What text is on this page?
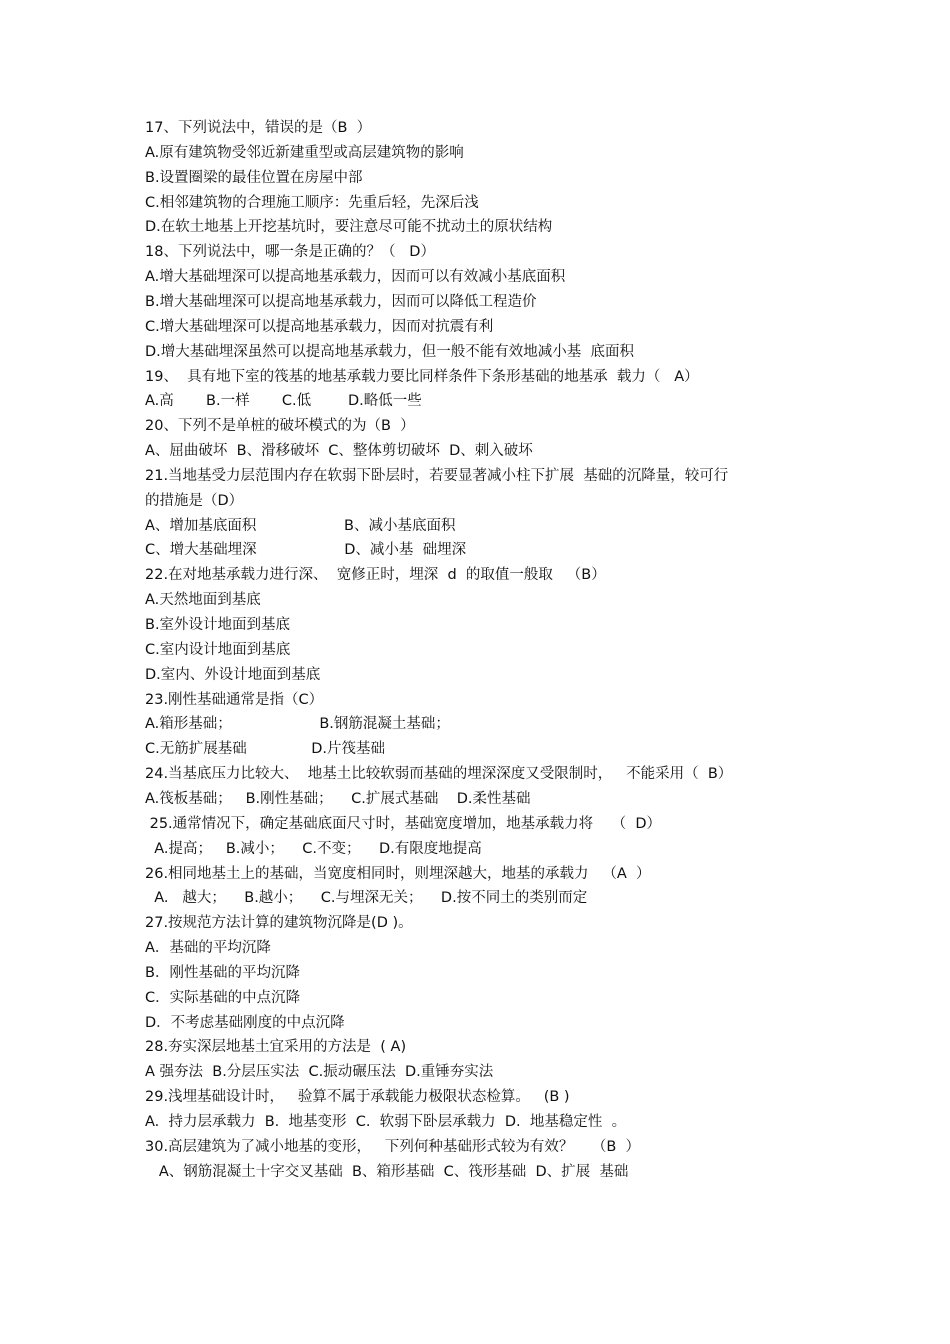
17、下列说法中，错误的是（B  ）
A.原有建筑物受邻近新建重型或高层建筑物的影响
B.设置圈梁的最佳位置在房屋中部
C.相邻建筑物的合理施工顺序：先重后轻，先深后浅
D.在软土地基上开挖基坑时，要注意尽可能不扰动土的原状结构
18、下列说法中，哪一条是正确的？（   D）
A.增大基础埋深可以提高地基承载力，因而可以有效减小基底面积
B.增大基础埋深可以提高地基承载力，因而可以降低工程造价
C.增大基础埋深可以提高地基承载力，因而对抗震有利
D.增大基础埋深虽然可以提高地基承载力，但一般不能有效地减小基  底面积
19、  具有地下室的筏基的地基承载力要比同样条件下条形基础的地基承  载力（   A）
A.高       B.一样       C.低        D.略低一些
20、下列不是单桩的破坏模式的为（B  ）
A、屈曲破坏  B、滑移破坏  C、整体剪切破坏  D、刺入破坏
21.当地基受力层范围内存在软弱下卧层时，若要显著减小柱下扩展  基础的沉降量，较可行
的措施是（D）
A、增加基底面积                   B、减小基底面积
C、增大基础埋深                   D、减小基  础埋深
22.在对地基承载力进行深、  宽修正时，埋深  d  的取值一般取   （B）
A.天然地面到基底
B.室外设计地面到基底
C.室内设计地面到基底
D.室内、外设计地面到基底
23.刚性基础通常是指（C）
A.箱形基础；                   B.钢筋混凝土基础；
C.无筋扩展基础              D.片筏基础
24.当基底压力比较大、  地基土比较软弱而基础的埋深深度又受限制时，   不能采用（  B）
A.筏板基础；   B.刚性基础；    C.扩展式基础    D.柔性基础
25.通常情况下，确定基础底面尺寸时，基础宽度增加，地基承载力将    （  D）
A.提高；   B.减小；    C.不变；    D.有限度地提高
26.相同地基土上的基础，当宽度相同时，则埋深越大，地基的承载力   （A  ）
A.   越大；    B.越小；    C.与埋深无关；    D.按不同土的类别而定
27.按规范方法计算的建筑物沉降是(D )。
A．基础的平均沉降
B．刚性基础的平均沉降
C．实际基础的中点沉降
D．不考虑基础刚度的中点沉降
28.夯实深层地基土宜采用的方法是  ( A)
A 强夯法  B.分层压实法  C.振动碾压法  D.重锤夯实法
29.浅埋基础设计时，   验算不属于承载能力极限状态检算。   (B )
A.  持力层承载力  B.  地基变形  C.  软弱下卧层承载力  D.  地基稳定性  。
30.高层建筑为了减小地基的变形，   下列何种基础形式较为有效？    （B  ）
A、钢筋混凝土十字交叉基础  B、箱形基础  C、筏形基础  D、扩展  基础
